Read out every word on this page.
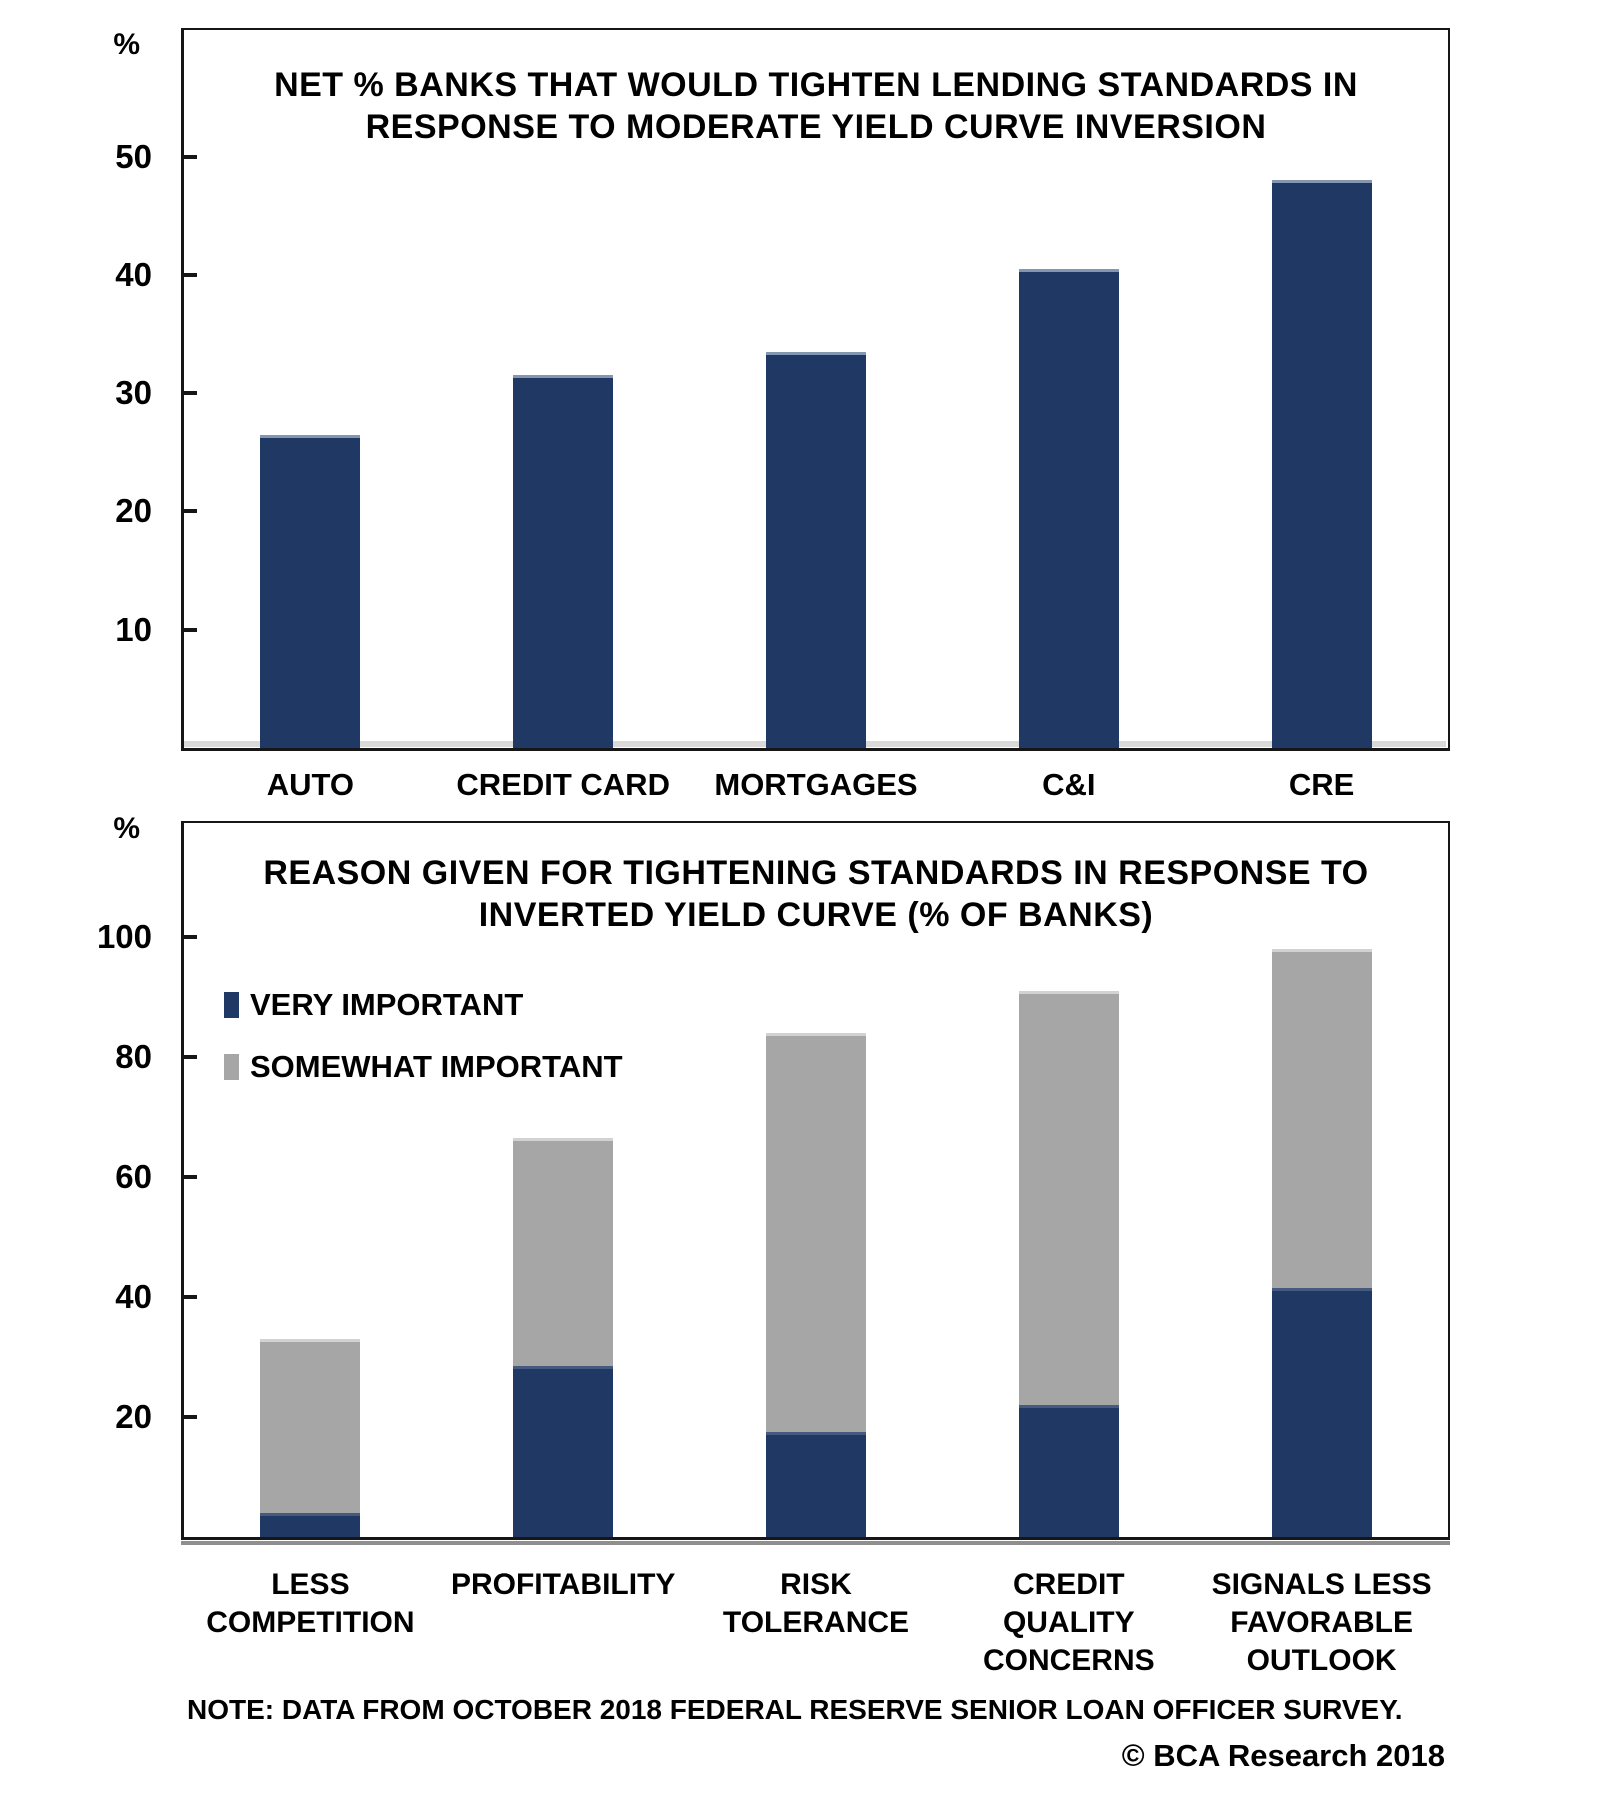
%
NET % BANKS THAT WOULD TIGHTEN LENDING STANDARDS IN
RESPONSE TO MODERATE YIELD CURVE INVERSION
10
20
30
40
50
AUTO	CREDIT CARD	MORTGAGES	C&I	CRE
%
REASON GIVEN FOR TIGHTENING STANDARDS IN RESPONSE TO
INVERTED YIELD CURVE (% OF BANKS)
VERY IMPORTANT
SOMEWHAT IMPORTANT
20
40
60
80
100
LESS
COMPETITION
PROFITABILITY	RISK
TOLERANCE
CREDIT
QUALITY
CONCERNS
SIGNALS LESS
FAVORABLE
OUTLOOK
NOTE: DATA FROM OCTOBER 2018 FEDERAL RESERVE SENIOR LOAN OFFICER SURVEY.
© BCA Research 2018
